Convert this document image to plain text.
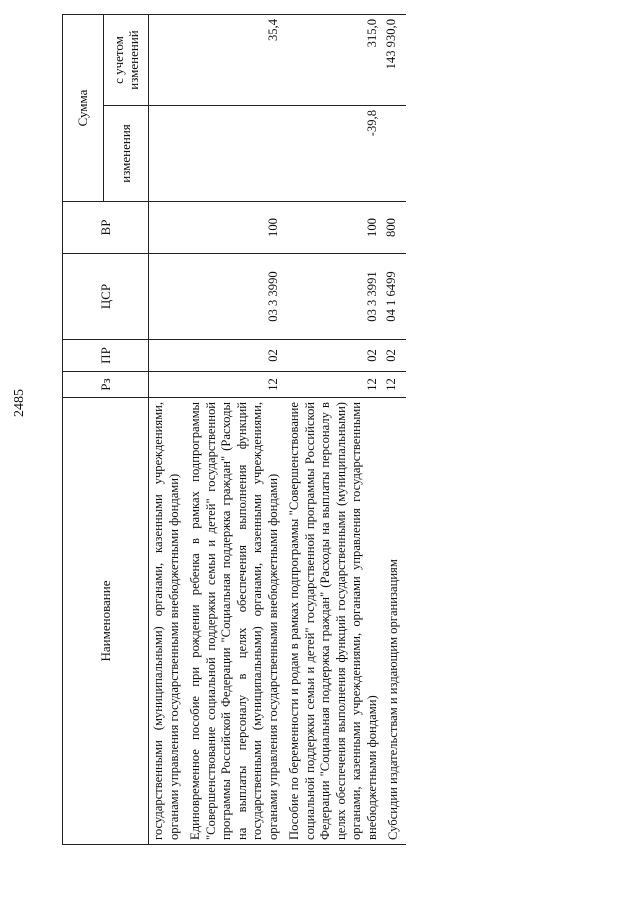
2485
Наименование	Рз	ПР	ЦСР	ВР	Сумма	
					изменения	с учетом изменений
государственными (муниципальными) органами, казенными учреждениями, органами управления государственными внебюджетными фондами)						
Единовременное пособие при рождении ребенка в рамках подпрограммы "Совершенствование социальной поддержки семьи и детей" государственной программы Российской Федерации "Социальная поддержка граждан" (Расходы на выплаты персоналу в целях обеспечения выполнения функций государственными (муниципальными) органами, казенными учреждениями, органами управления государственными внебюджетными фондами)	12	02	03 3 3990	100		35,4
Пособие по беременности и родам в рамках подпрограммы "Совершенствование социальной поддержки семьи и детей" государственной программы Российской Федерации "Социальная поддержка граждан" (Расходы на выплаты персоналу в целях обеспечения выполнения функций государственными (муниципальными) органами, казенными учреждениями, органами управления государственными внебюджетными фондами)	12	02	03 3 3991	100	-39,8	315,0
Субсидии издательствам и издающим организациям	12	02	04 1 6499	800		143 930,0
